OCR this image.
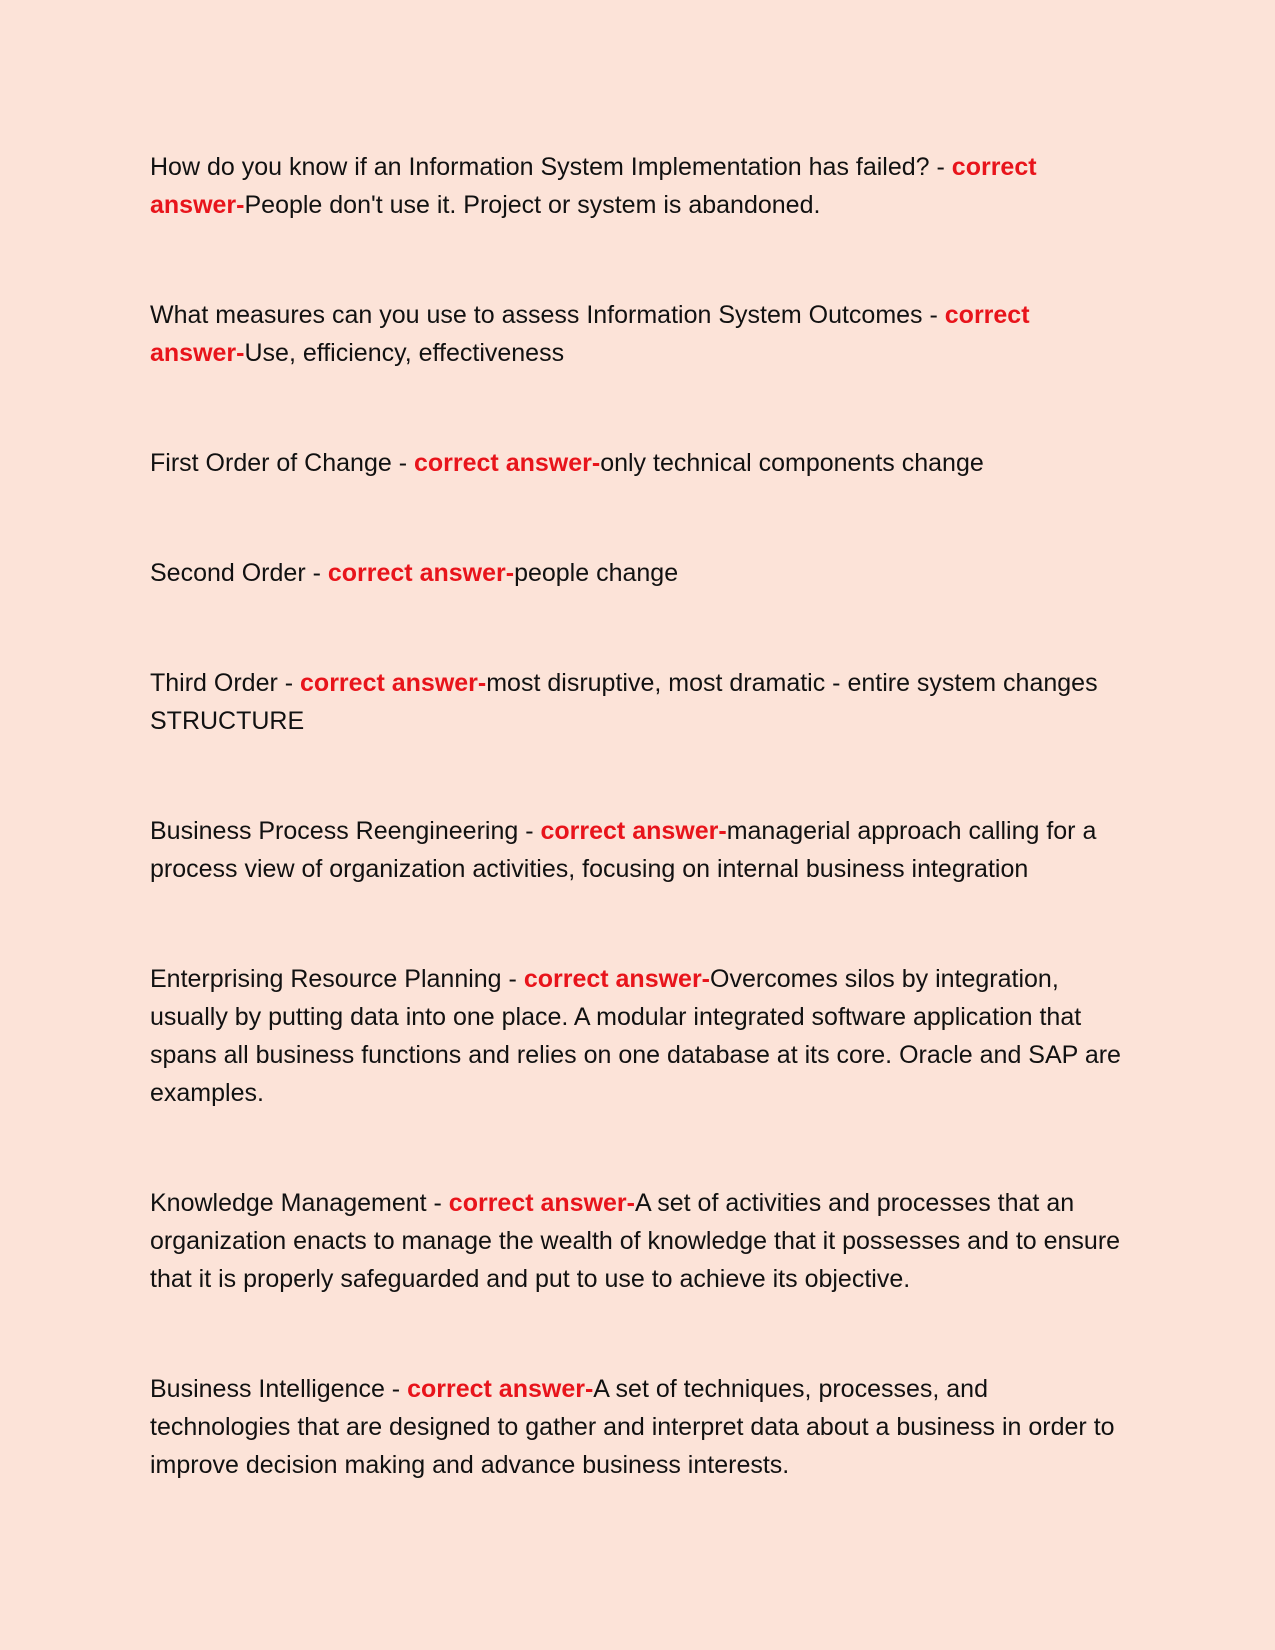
How do you know if an Information System Implementation has failed? - correct answer-People don't use it. Project or system is abandoned.

What measures can you use to assess Information System Outcomes - correct answer-Use, efficiency, effectiveness

First Order of Change - correct answer-only technical components change

Second Order - correct answer-people change

Third Order - correct answer-most disruptive, most dramatic - entire system changes STRUCTURE

Business Process Reengineering - correct answer-managerial approach calling for a process view of organization activities, focusing on internal business integration

Enterprising Resource Planning - correct answer-Overcomes silos by integration, usually by putting data into one place. A modular integrated software application that spans all business functions and relies on one database at its core. Oracle and SAP are examples.

Knowledge Management - correct answer-A set of activities and processes that an organization enacts to manage the wealth of knowledge that it possesses and to ensure that it is properly safeguarded and put to use to achieve its objective.

Business Intelligence - correct answer-A set of techniques, processes, and technologies that are designed to gather and interpret data about a business in order to improve decision making and advance business interests.
